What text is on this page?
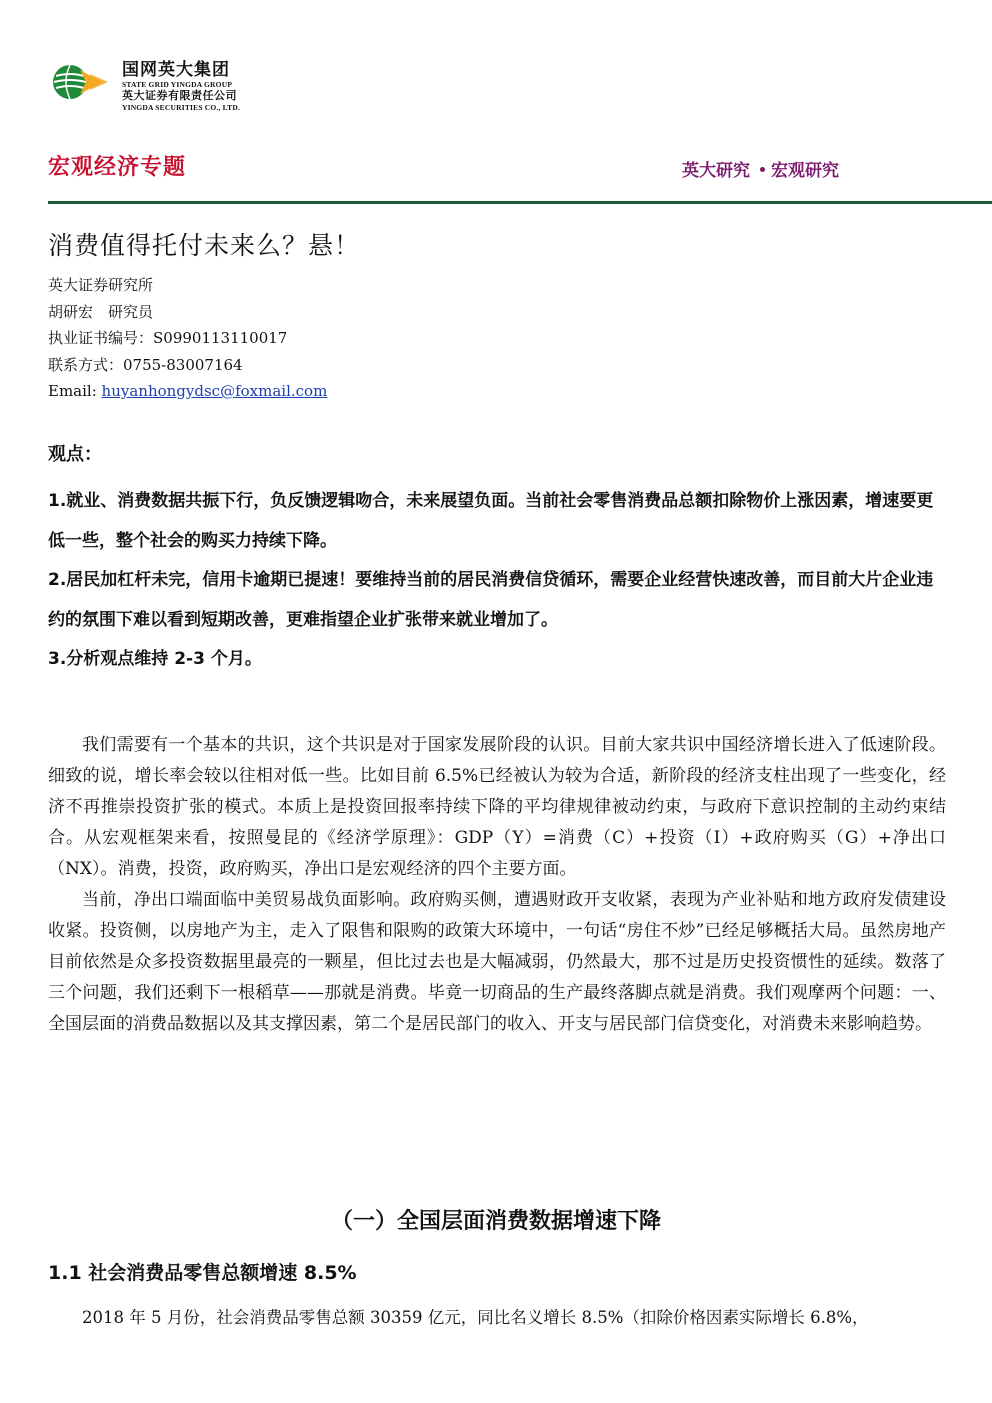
国网英大集团
STATE GRID YINGDA GROUP
英大证券有限责任公司
YINGDA SECURITIES CO., LTD.
宏观经济专题	英大研究 宏观研究
消费值得托付未来么？悬！
英大证券研究所
胡研宏　研究员
执业证书编号：S0990113110017
联系方式：0755-83007164
Email: huyanhongydsc@foxmail.com
观点：

1.就业、消费数据共振下行，负反馈逻辑吻合，未来展望负面。当前社会零售消费品总额扣除物价上涨因素，增速要更低一些，整个社会的购买力持续下降。

2.居民加杠杆未完，信用卡逾期已提速！要维持当前的居民消费信贷循环，需要企业经营快速改善，而目前大片企业违约的氛围下难以看到短期改善，更难指望企业扩张带来就业增加了。

3.分析观点维持 2-3 个月。

我们需要有一个基本的共识，这个共识是对于国家发展阶段的认识。目前大家共识中国经济增长进入了低速阶段。细致的说，增长率会较以往相对低一些。比如目前 6.5%已经被认为较为合适，新阶段的经济支柱出现了一些变化，经济不再推崇投资扩张的模式。本质上是投资回报率持续下降的平均律规律被动约束，与政府下意识控制的主动约束结合。从宏观框架来看，按照曼昆的《经济学原理》：GDP（Y）=消费（C）+投资（I）+政府购买（G）+净出口（NX）。消费，投资，政府购买，净出口是宏观经济的四个主要方面。

当前，净出口端面临中美贸易战负面影响。政府购买侧，遭遇财政开支收紧，表现为产业补贴和地方政府发债建设收紧。投资侧，以房地产为主，走入了限售和限购的政策大环境中，一句话“房住不炒”已经足够概括大局。虽然房地产目前依然是众多投资数据里最亮的一颗星，但比过去也是大幅减弱，仍然最大，那不过是历史投资惯性的延续。数落了三个问题，我们还剩下一根稻草——那就是消费。毕竟一切商品的生产最终落脚点就是消费。我们观摩两个问题：一、全国层面的消费品数据以及其支撑因素，第二个是居民部门的收入、开支与居民部门信贷变化，对消费未来影响趋势。

（一）全国层面消费数据增速下降
1.1 社会消费品零售总额增速 8.5%
2018 年 5 月份，社会消费品零售总额 30359 亿元，同比名义增长 8.5%（扣除价格因素实际增长 6.8%，
